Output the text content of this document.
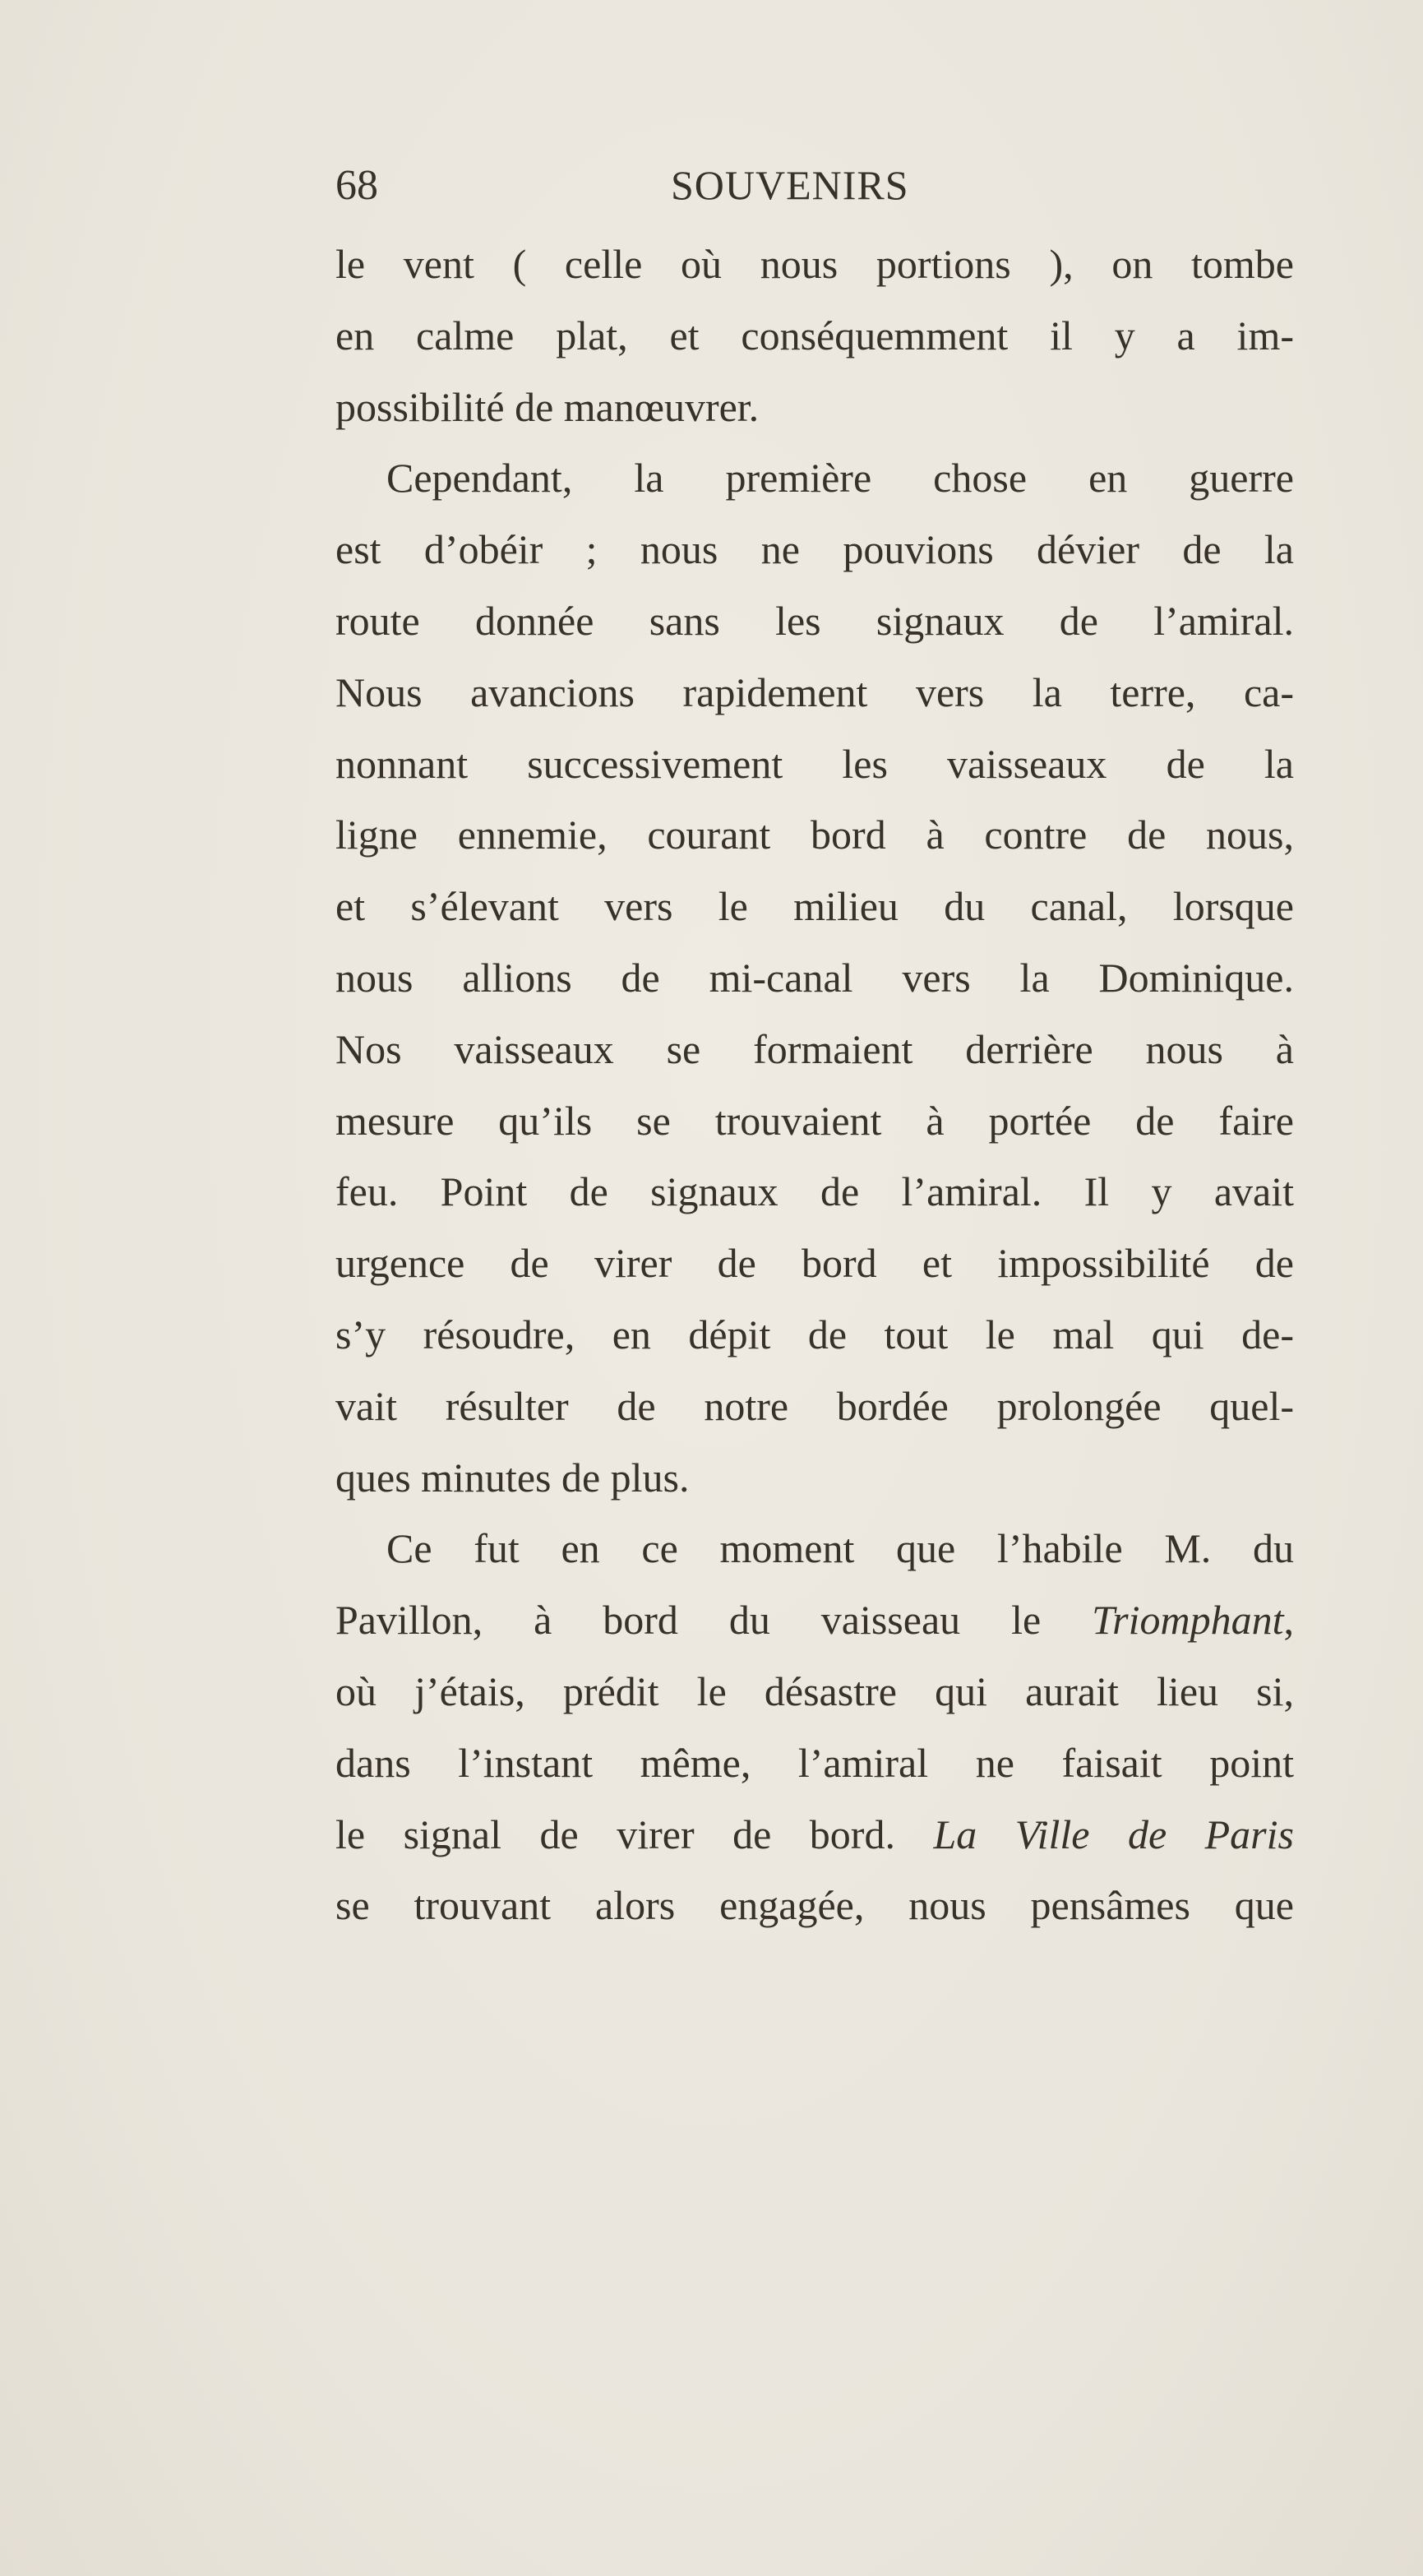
68	SOUVENIRS
le vent ( celle où nous portions ), on tombe
en calme plat, et conséquemment il y a im-
possibilité de manœuvrer.
Cependant, la première chose en guerre
est d’obéir ; nous ne pouvions dévier de la
route donnée sans les signaux de l’amiral.
Nous avancions rapidement vers la terre, ca-
nonnant successivement les vaisseaux de la
ligne ennemie, courant bord à contre de nous,
et s’élevant vers le milieu du canal, lorsque
nous allions de mi-canal vers la Dominique.
Nos vaisseaux se formaient derrière nous à
mesure qu’ils se trouvaient à portée de faire
feu. Point de signaux de l’amiral. Il y avait
urgence de virer de bord et impossibilité de
s’y résoudre, en dépit de tout le mal qui de-
vait résulter de notre bordée prolongée quel-
ques minutes de plus.
Ce fut en ce moment que l’habile M. du
Pavillon, à bord du vaisseau le Triomphant,
où j’étais, prédit le désastre qui aurait lieu si,
dans l’instant même, l’amiral ne faisait point
le signal de virer de bord. La Ville de Paris
se trouvant alors engagée, nous pensâmes que
